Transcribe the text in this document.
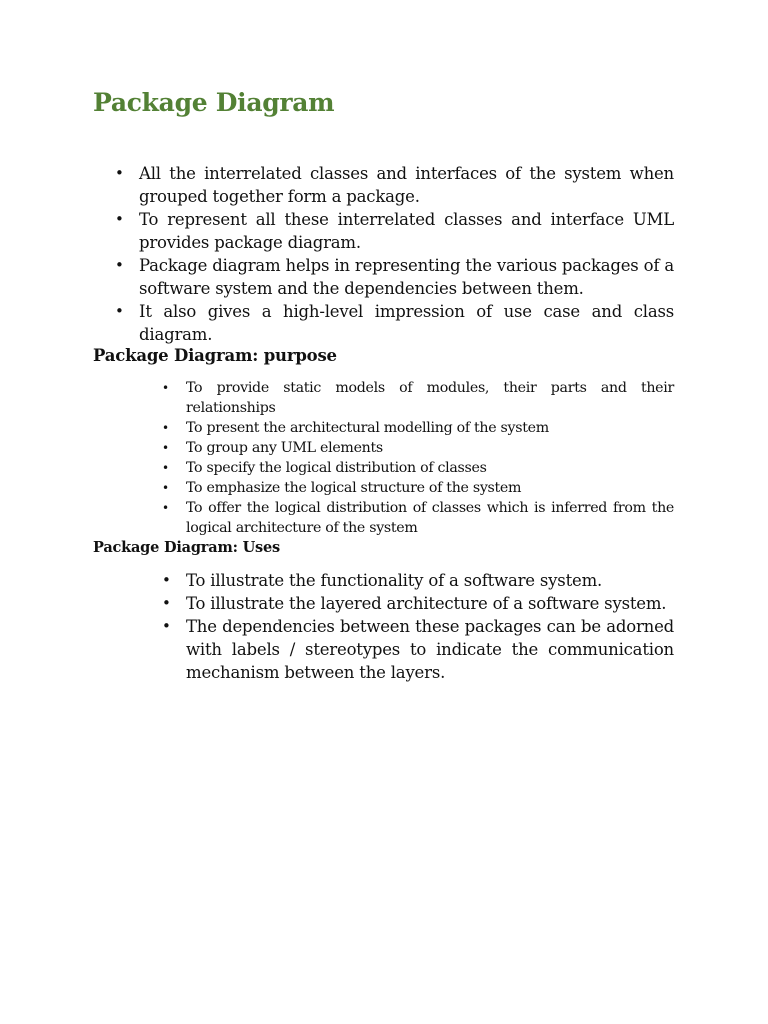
Package Diagram
• All the interrelated classes and interfaces of the system when grouped together form a package.
• To represent all these interrelated classes and interface UML provides package diagram.
• Package diagram helps in representing the various packages of a software system and the dependencies between them.
• It also gives a high-level impression of use case and class diagram.
Package Diagram: purpose
• To provide static models of modules, their parts and their relationships
• To present the architectural modelling of the system
• To group any UML elements
• To specify the logical distribution of classes
• To emphasize the logical structure of the system
• To offer the logical distribution of classes which is inferred from the logical architecture of the system
Package Diagram: Uses
• To illustrate the functionality of a software system.
• To illustrate the layered architecture of a software system.
• The dependencies between these packages can be adorned with labels / stereotypes to indicate the communication mechanism between the layers.
